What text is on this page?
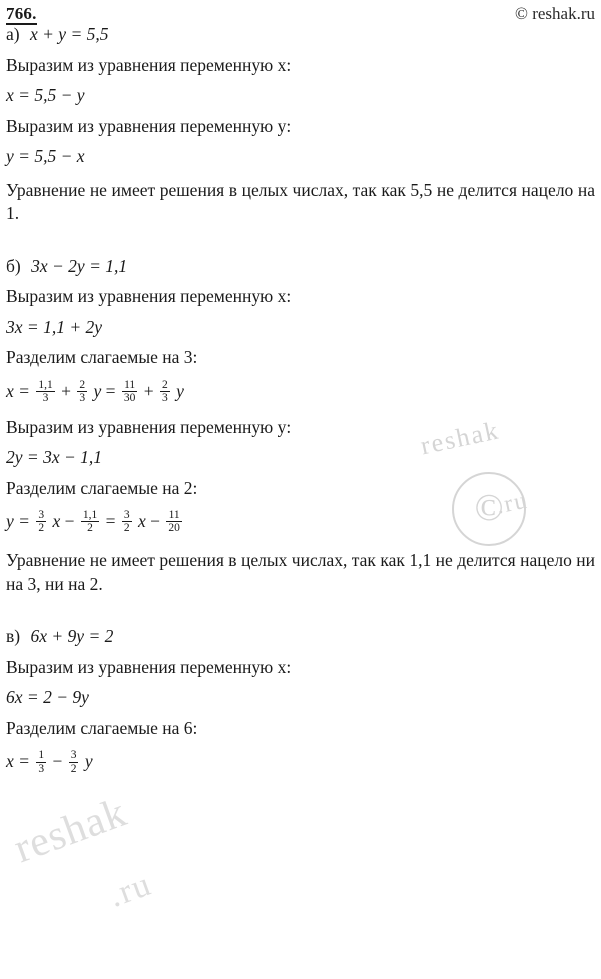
reshak
.ru
©
reshak
.ru
766.	© reshak.ru
а) x + y = 5,5
Выразим из уравнения переменную x:
x = 5,5 − y
Выразим из уравнения переменную y:
y = 5,5 − x
Уравнение не имеет решения в целых числах, так как 5,5 не делится нацело на 1.
б) 3x − 2y = 1,1
Выразим из уравнения переменную x:
3x = 1,1 + 2y
Разделим слагаемые на 3:
$x = \frac{1,1}{3} + \frac{2}{3}$ $y = \frac{11}{30} + \frac{2}{3}$ y
Выразим из уравнения переменную y:
2y = 3x − 1,1
Разделим слагаемые на 2:
$y = \frac{3}{2}$ $x - \frac{1,1}{2} = \frac{3}{2}$ $x - \frac{11}{20}$
Уравнение не имеет решения в целых числах, так как 1,1 не делится нацело ни на 3, ни на 2.
в) 6x + 9y = 2
Выразим из уравнения переменную x:
6x = 2 − 9y
Разделим слагаемые на 6:
$x = \frac{1}{3} - \frac{3}{2}$ y
